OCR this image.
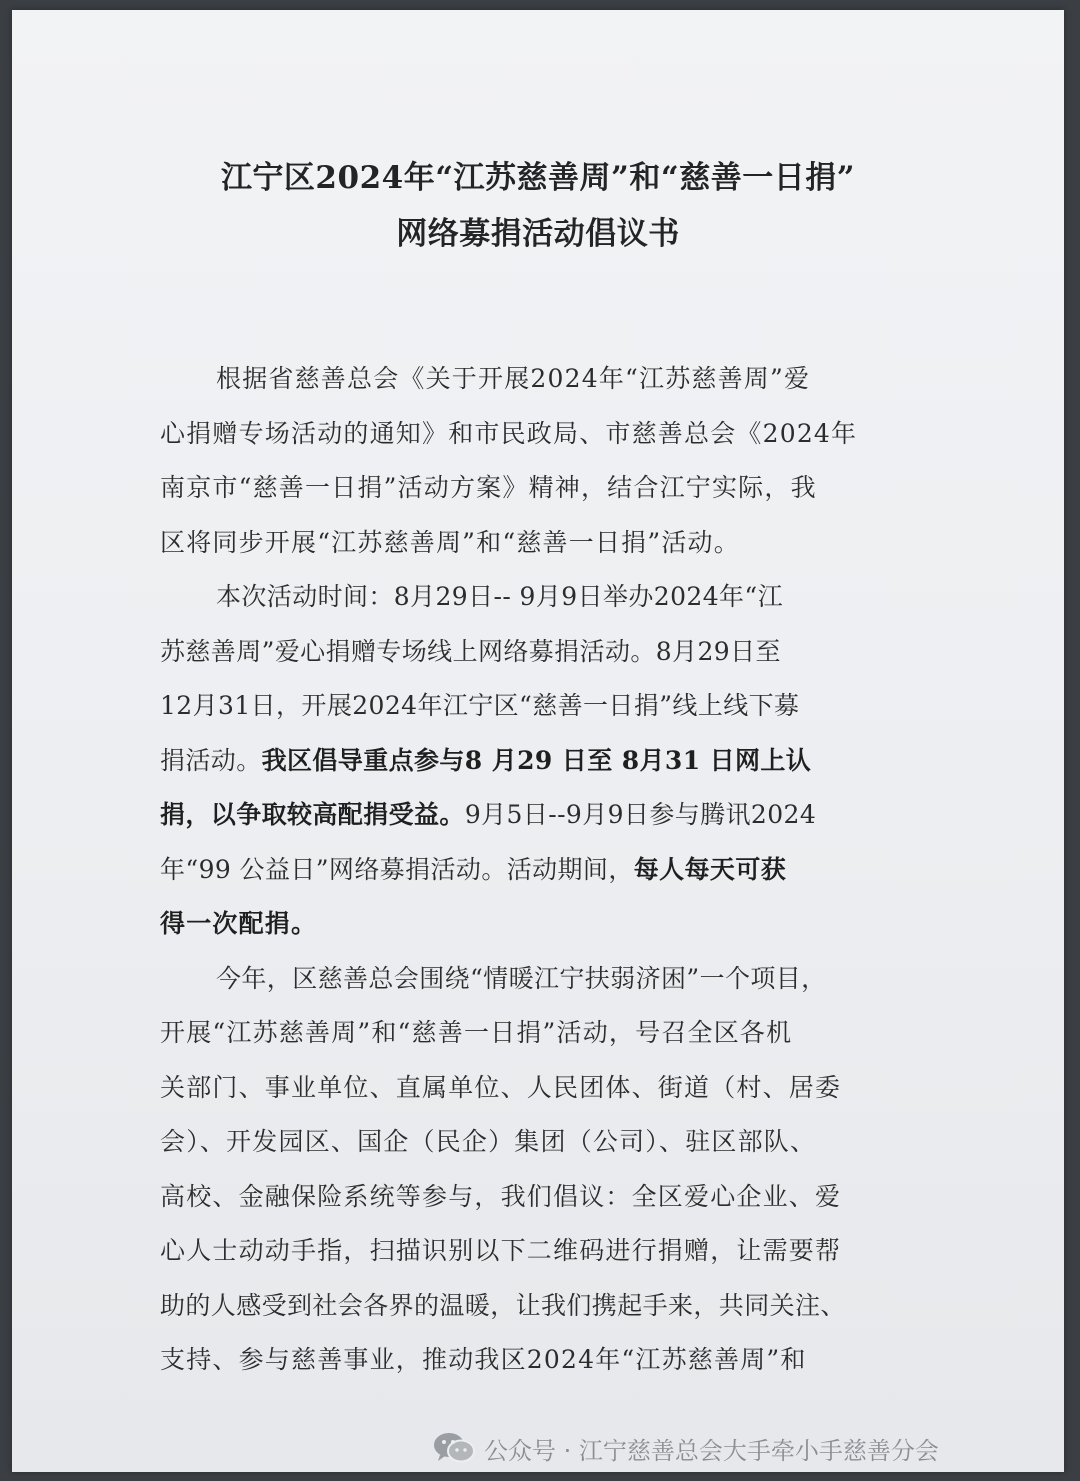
江宁区2024年“江苏慈善周”和“慈善一日捐”
网络募捐活动倡议书
根据省慈善总会《关于开展2024年“江苏慈善周”爱
心捐赠专场活动的通知》和市民政局、市慈善总会《2024年
南京市“慈善一日捐”活动方案》精神，结合江宁实际，我
区将同步开展“江苏慈善周”和“慈善一日捐”活动。
本次活动时间：8月29日-- 9月9日举办2024年“江
苏慈善周”爱心捐赠专场线上网络募捐活动。8月29日至
12月31日，开展2024年江宁区“慈善一日捐”线上线下募
捐活动。我区倡导重点参与8 月29 日至 8月31 日网上认
捐，以争取较高配捐受益。9月5日--9月9日参与腾讯2024
年“99 公益日”网络募捐活动。活动期间，每人每天可获
得一次配捐。
今年，区慈善总会围绕“情暖江宁扶弱济困”一个项目，
开展“江苏慈善周”和“慈善一日捐”活动，号召全区各机
关部门、事业单位、直属单位、人民团体、街道（村、居委
会）、开发园区、国企（民企）集团（公司）、驻区部队、
高校、金融保险系统等参与，我们倡议：全区爱心企业、爱
心人士动动手指，扫描识别以下二维码进行捐赠，让需要帮
助的人感受到社会各界的温暖，让我们携起手来，共同关注、
支持、参与慈善事业，推动我区2024年“江苏慈善周”和
公众号 · 江宁慈善总会大手牵小手慈善分会
